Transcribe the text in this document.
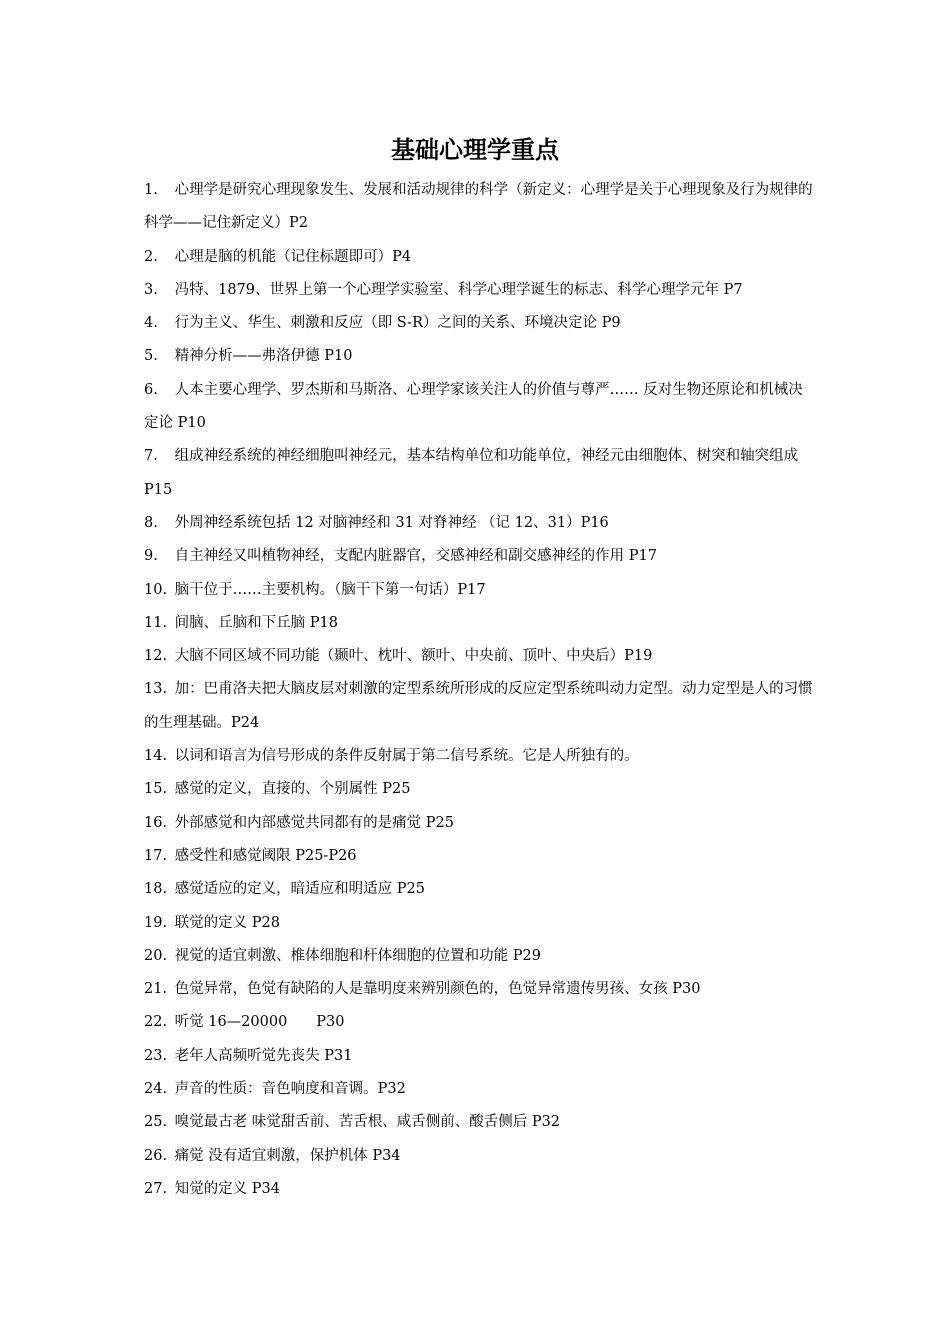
基础心理学重点
1. 心理学是研究心理现象发生、发展和活动规律的科学（新定义：心理学是关于心理现象及行为规律的科学——记住新定义）P2
2. 心理是脑的机能（记住标题即可）P4
3. 冯特、1879、世界上第一个心理学实验室、科学心理学诞生的标志、科学心理学元年 P7
4. 行为主义、华生、刺激和反应（即 S-R）之间的关系、环境决定论 P9
5. 精神分析——弗洛伊德 P10
6. 人本主要心理学、罗杰斯和马斯洛、心理学家该关注人的价值与尊严…… 反对生物还原论和机械决定论 P10
7. 组成神经系统的神经细胞叫神经元，基本结构单位和功能单位，神经元由细胞体、树突和轴突组成 P15
8. 外周神经系统包括 12 对脑神经和 31 对脊神经 （记 12、31）P16
9. 自主神经又叫植物神经，支配内脏器官，交感神经和副交感神经的作用 P17
10. 脑干位于……主要机构。（脑干下第一句话）P17
11. 间脑、丘脑和下丘脑 P18
12. 大脑不同区域不同功能（颞叶、枕叶、额叶、中央前、顶叶、中央后）P19
13. 加：巴甫洛夫把大脑皮层对刺激的定型系统所形成的反应定型系统叫动力定型。动力定型是人的习惯的生理基础。P24
14. 以词和语言为信号形成的条件反射属于第二信号系统。它是人所独有的。
15. 感觉的定义，直接的、个别属性 P25
16. 外部感觉和内部感觉共同都有的是痛觉 P25
17. 感受性和感觉阈限 P25-P26
18. 感觉适应的定义，暗适应和明适应 P25
19. 联觉的定义 P28
20. 视觉的适宜刺激、椎体细胞和杆体细胞的位置和功能 P29
21. 色觉异常，色觉有缺陷的人是靠明度来辨别颜色的，色觉异常遗传男孩、女孩 P30
22. 听觉 16—20000　　P30
23. 老年人高频听觉先丧失 P31
24. 声音的性质：音色响度和音调。P32
25. 嗅觉最古老 味觉甜舌前、苦舌根、咸舌侧前、酸舌侧后 P32
26. 痛觉 没有适宜刺激，保护机体 P34
27. 知觉的定义 P34
